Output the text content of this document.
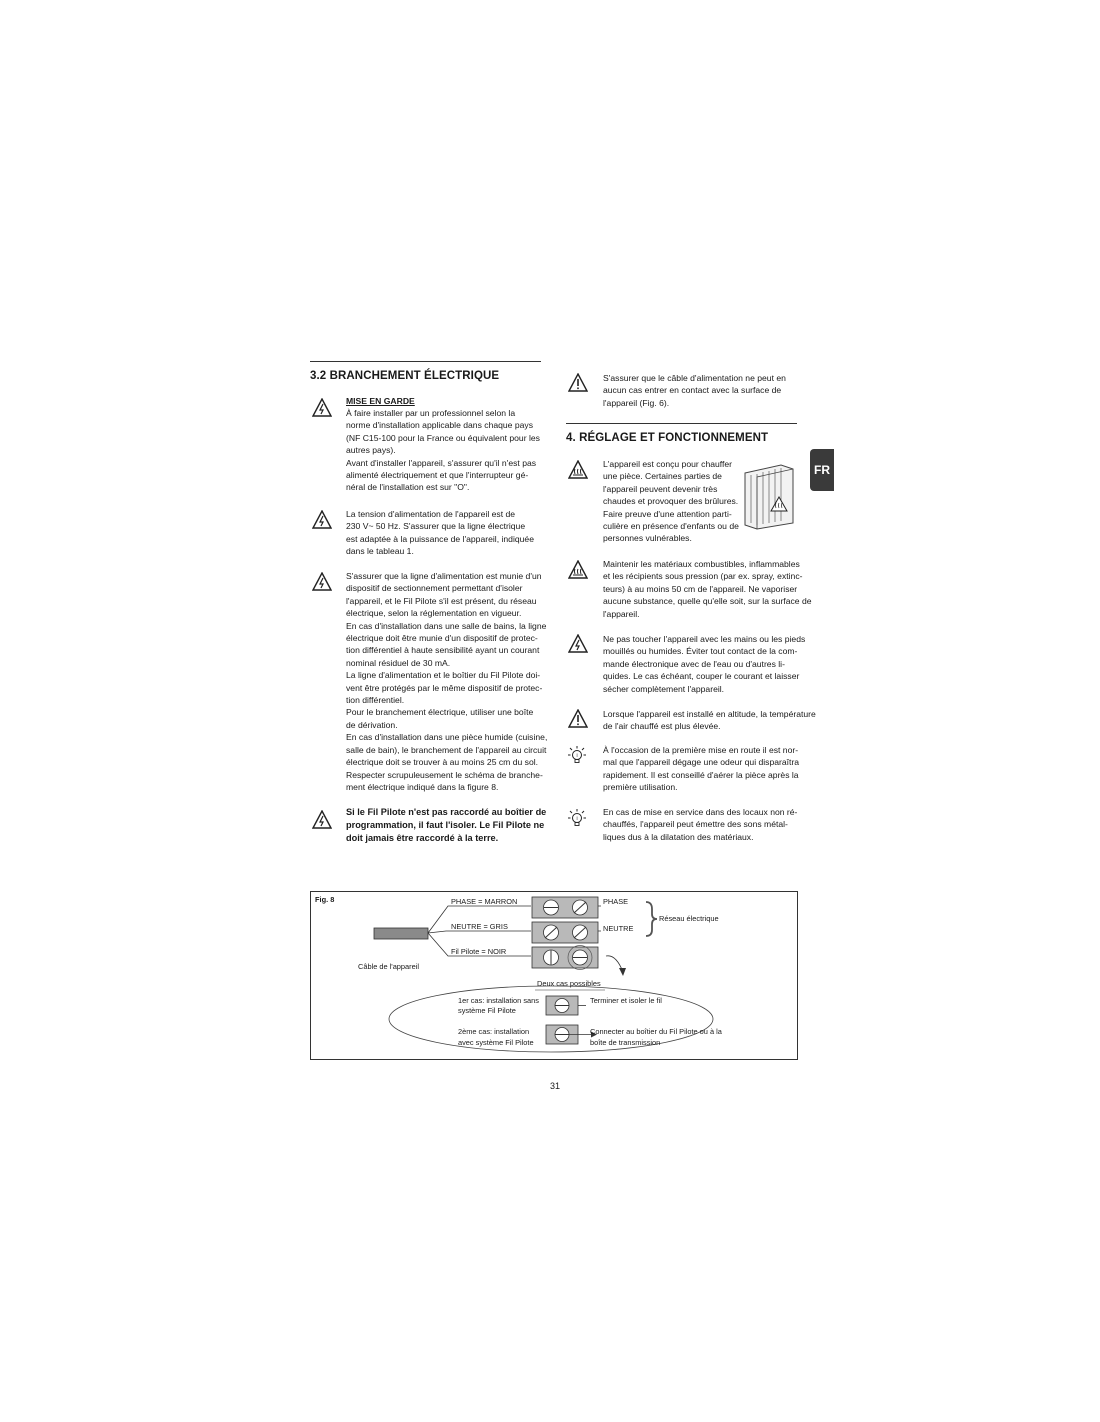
3.2 BRANCHEMENT ÉLECTRIQUE
MISE EN GARDE
À faire installer par un professionnel selon la
norme d'installation applicable dans chaque pays
(NF C15-100 pour la France ou équivalent pour les
autres pays).
Avant d'installer l'appareil, s'assurer qu'il n'est pas
alimenté électriquement et que l'interrupteur gé-
néral de l'installation est sur "O".
La tension d'alimentation de l'appareil est de
230 V~ 50 Hz. S'assurer que la ligne électrique
est adaptée à la puissance de l'appareil, indiquée
dans le tableau 1.
S'assurer que la ligne d'alimentation est munie d'un
dispositif de sectionnement permettant d'isoler
l'appareil, et le Fil Pilote s'il est présent, du réseau
électrique, selon la réglementation en vigueur.
En cas d'installation dans une salle de bains, la ligne
électrique doit être munie d'un dispositif de protec-
tion différentiel à haute sensibilité ayant un courant
nominal résiduel de 30 mA.
La ligne d'alimentation et le boîtier du Fil Pilote doi-
vent être protégés par le même dispositif de protec-
tion différentiel.
Pour le branchement électrique, utiliser une boîte
de dérivation.
En cas d'installation dans une pièce humide (cuisine,
salle de bain), le branchement de l'appareil au circuit
électrique doit se trouver à au moins 25 cm du sol.
Respecter scrupuleusement le schéma de branche-
ment électrique indiqué dans la figure 8.
Si le Fil Pilote n'est pas raccordé au boîtier de
programmation, il faut l'isoler. Le Fil Pilote ne
doit jamais être raccordé à la terre.
S'assurer que le câble d'alimentation ne peut en
aucun cas entrer en contact avec la surface de
l'appareil (Fig. 6).
4. RÉGLAGE ET FONCTIONNEMENT
L'appareil est conçu pour chauffer
une pièce. Certaines parties de
l'appareil peuvent devenir très
chaudes et provoquer des brûlures.
Faire preuve d'une attention parti-
culière en présence d'enfants ou de
personnes vulnérables.
Maintenir les matériaux combustibles, inflammables
et les récipients sous pression (par ex. spray, extinc-
teurs) à au moins 50 cm de l'appareil. Ne vaporiser
aucune substance, quelle qu'elle soit, sur la surface de
l'appareil.
Ne pas toucher l'appareil avec les mains ou les pieds
mouillés ou humides. Éviter tout contact de la com-
mande électronique avec de l'eau ou d'autres li-
quides. Le cas échéant, couper le courant et laisser
sécher complètement l'appareil.
Lorsque l'appareil est installé en altitude, la température
de l'air chauffé est plus élevée.
i
À l'occasion de la première mise en route il est nor-
mal que l'appareil dégage une odeur qui disparaîtra
rapidement. Il est conseillé d'aérer la pièce après la
première utilisation.
i
En cas de mise en service dans des locaux non ré-
chauffés, l'appareil peut émettre des sons métal-
liques dus à la dilatation des matériaux.
FR
Fig. 8	PHASE = MARRON
NEUTRE = GRIS
Fil Pilote = NOIR
Câble de l'appareil
PHASE
NEUTRE
Réseau électrique
Deux cas possibles
1er cas: installation sans
système Fil Pilote
Terminer et isoler le fil
2ème cas: installation
avec système Fil Pilote
Connecter au boîtier du Fil Pilote ou à la
boîte de transmission
31
